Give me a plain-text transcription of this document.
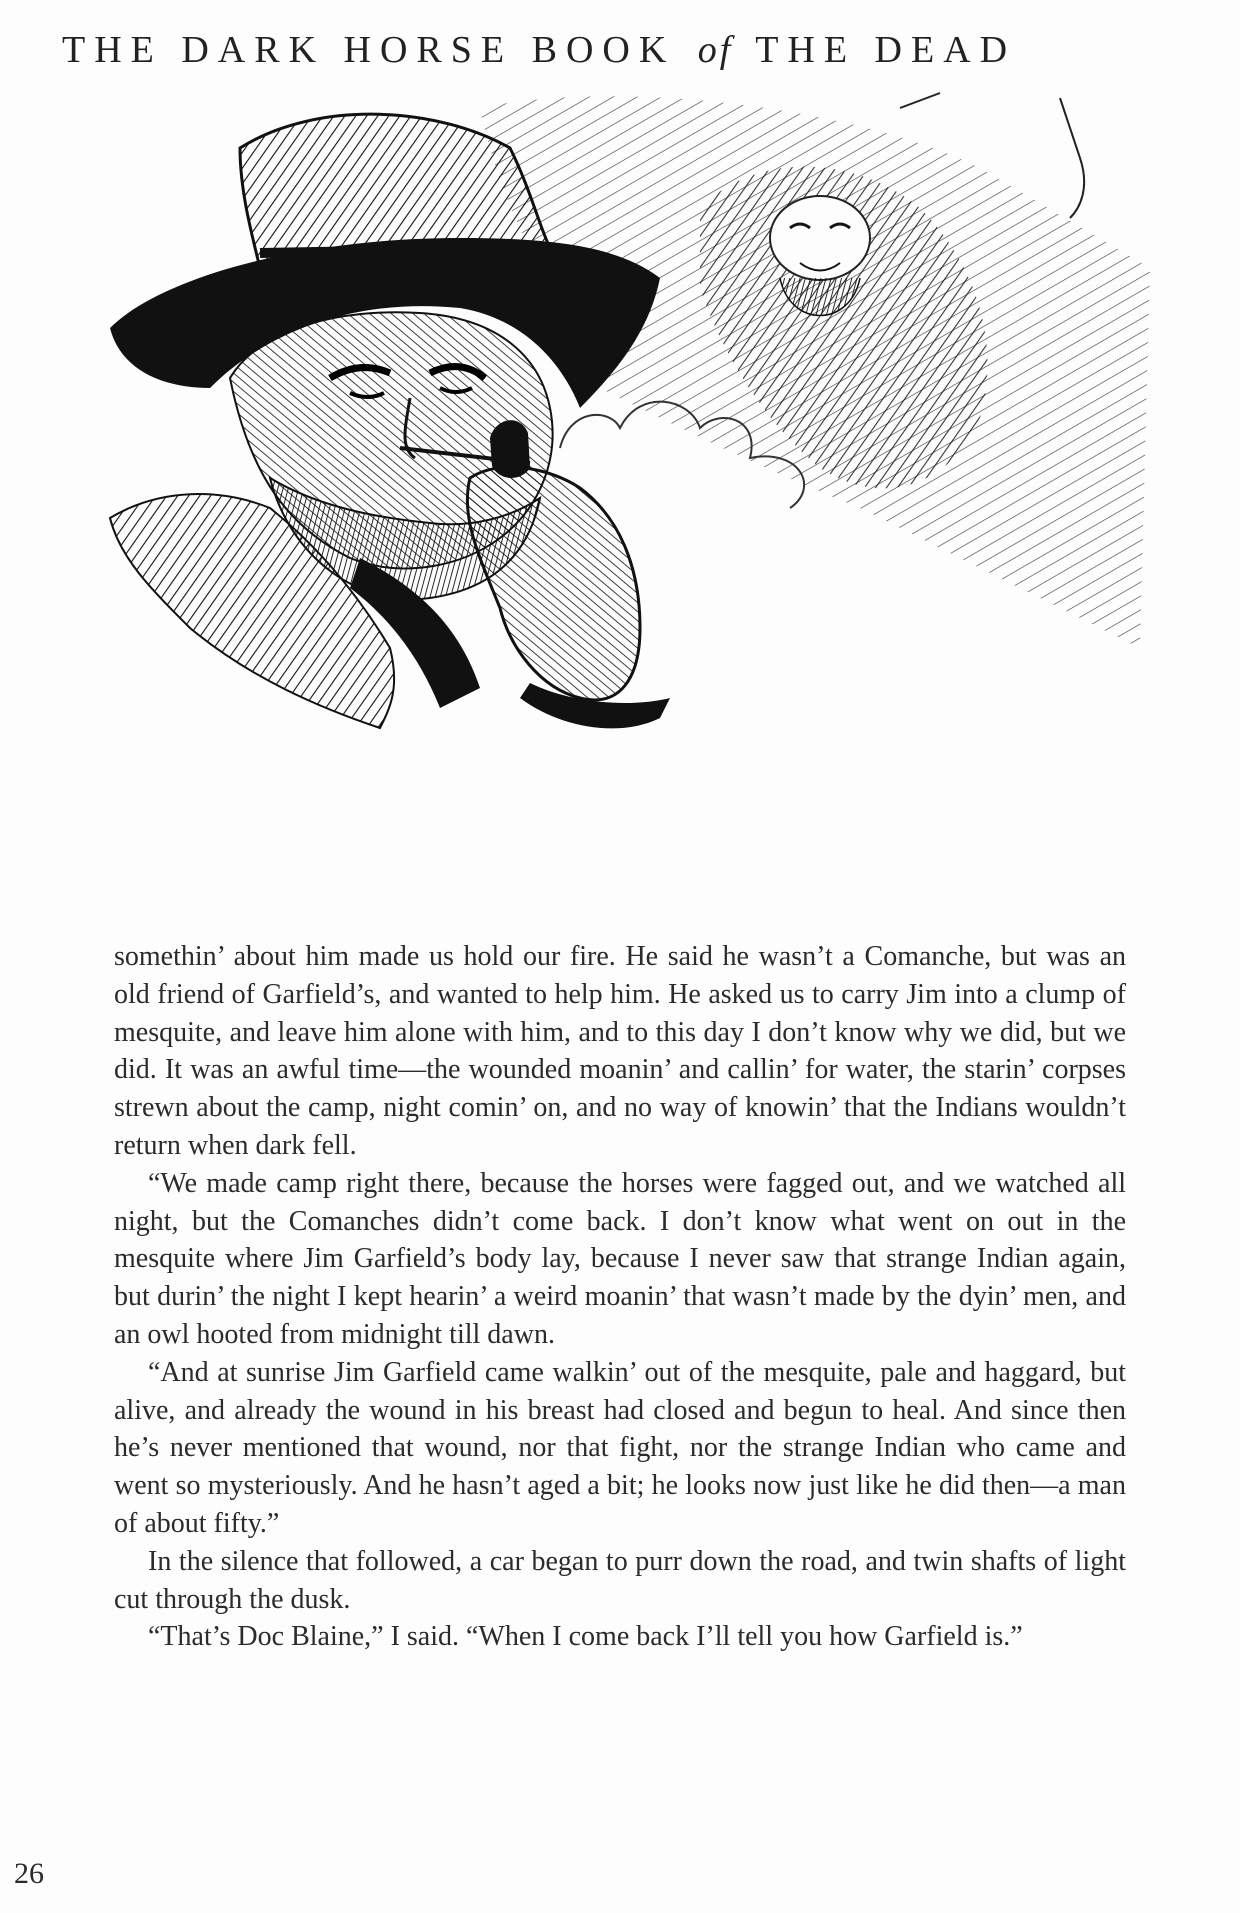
THE DARK HORSE BOOK of THE DEAD

somethin’ about him made us hold our fire. He said he wasn’t a Comanche, but was an old friend of Garfield’s, and wanted to help him. He asked us to carry Jim into a clump of mesquite, and leave him alone with him, and to this day I don’t know why we did, but we did. It was an awful time—the wounded moanin’ and callin’ for water, the starin’ corpses strewn about the camp, night comin’ on, and no way of knowin’ that the Indians wouldn’t return when dark fell.

“We made camp right there, because the horses were fagged out, and we watched all night, but the Comanches didn’t come back. I don’t know what went on out in the mesquite where Jim Garfield’s body lay, because I never saw that strange Indian again, but durin’ the night I kept hearin’ a weird moanin’ that wasn’t made by the dyin’ men, and an owl hooted from midnight till dawn.

“And at sunrise Jim Garfield came walkin’ out of the mesquite, pale and haggard, but alive, and already the wound in his breast had closed and begun to heal. And since then he’s never mentioned that wound, nor that fight, nor the strange Indian who came and went so mysteriously. And he hasn’t aged a bit; he looks now just like he did then—a man of about fifty.”

In the silence that followed, a car began to purr down the road, and twin shafts of light cut through the dusk.

“That’s Doc Blaine,” I said. “When I come back I’ll tell you how Garfield is.”

26
